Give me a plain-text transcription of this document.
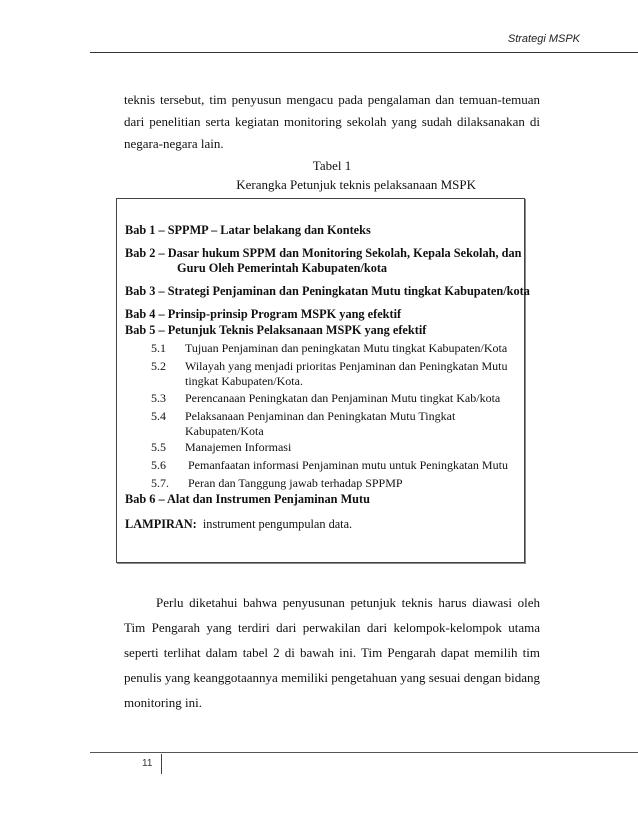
Strategi MSPK

teknis tersebut, tim penyusun mengacu pada pengalaman dan temuan-temuan dari penelitian serta kegiatan monitoring sekolah yang sudah dilaksanakan di negara-negara lain.

Tabel 1

Kerangka Petunjuk teknis pelaksanaan MSPK

Bab 1 – SPPMP – Latar belakang dan Konteks
Bab 2 – Dasar hukum SPPM dan Monitoring Sekolah, Kepala Sekolah, dan
Guru Oleh Pemerintah Kabupaten/kota
Bab 3 – Strategi Penjaminan dan Peningkatan Mutu tingkat Kabupaten/kota
Bab 4 – Prinsip-prinsip Program MSPK yang efektif
Bab 5 – Petunjuk Teknis Pelaksanaan MSPK yang efektif
5.1 Tujuan Penjaminan dan peningkatan Mutu tingkat Kabupaten/Kota
5.2 Wilayah yang menjadi prioritas Penjaminan dan Peningkatan Mutu tingkat Kabupaten/Kota.
5.3 Perencanaan Peningkatan dan Penjaminan Mutu tingkat Kab/kota
5.4 Pelaksanaan Penjaminan dan Peningkatan Mutu Tingkat Kabupaten/Kota
5.5 Manajemen Informasi
5.6 Pemanfaatan informasi Penjaminan mutu untuk Peningkatan Mutu
5.7. Peran dan Tanggung jawab terhadap SPPMP
Bab 6 – Alat dan Instrumen Penjaminan Mutu
LAMPIRAN:  instrument pengumpulan data.

Perlu diketahui bahwa penyusunan petunjuk teknis harus diawasi oleh Tim Pengarah yang terdiri dari perwakilan dari kelompok-kelompok utama seperti terlihat dalam tabel 2 di bawah ini. Tim Pengarah dapat memilih tim penulis yang keanggotaannya memiliki pengetahuan yang sesuai dengan bidang monitoring ini.

11
